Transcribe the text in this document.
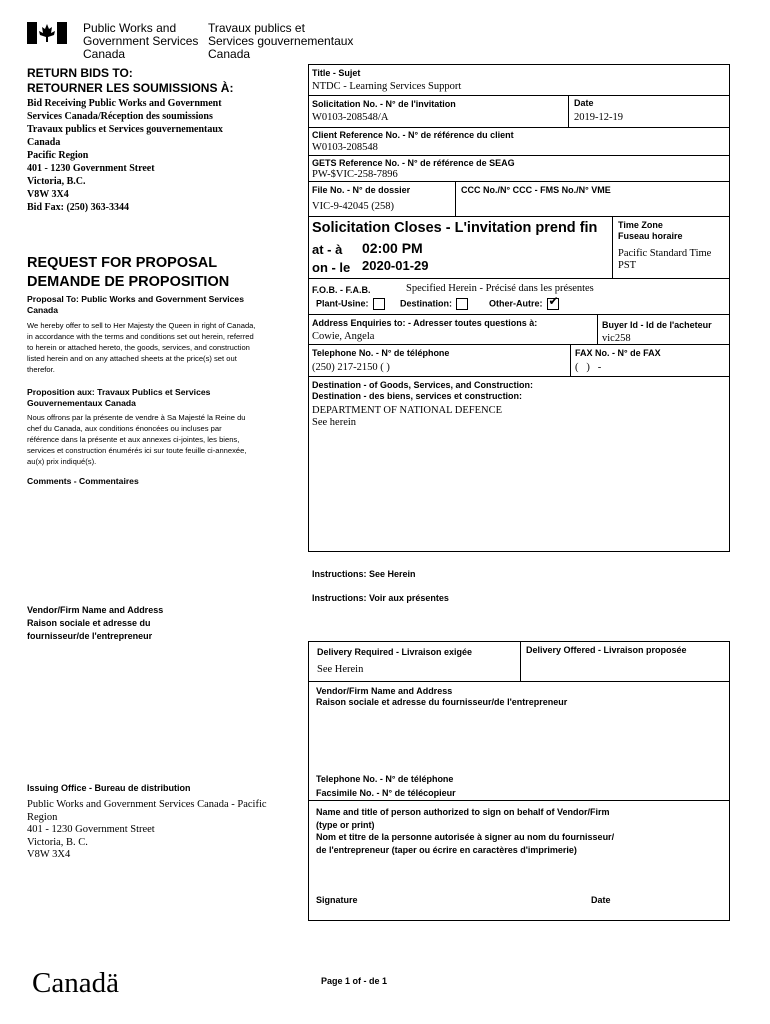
Public Works and
Government Services
Canada
Travaux publics et
Services gouvernementaux
Canada
RETURN BIDS TO:
RETOURNER LES SOUMISSIONS À:
Bid Receiving Public Works and Government
Services Canada/Réception des soumissions
Travaux publics et Services gouvernementaux
Canada
Pacific Region
401 - 1230 Government Street
Victoria, B.C.
V8W 3X4
Bid Fax: (250) 363-3344
REQUEST FOR PROPOSAL
DEMANDE DE PROPOSITION
Proposal To: Public Works and Government Services Canada
We hereby offer to sell to Her Majesty the Queen in right of Canada, in accordance with the terms and conditions set out herein, referred to herein or attached hereto, the goods, services, and construction listed herein and on any attached sheets at the price(s) set out therefor.
Proposition aux: Travaux Publics et Services Gouvernementaux Canada
Nous offrons par la présente de vendre à Sa Majesté la Reine du chef du Canada, aux conditions énoncées ou incluses par référence dans la présente et aux annexes ci-jointes, les biens, services et construction énumérés ici sur toute feuille ci-annexée, au(x) prix indiqué(s).
Comments - Commentaires
Vendor/Firm Name and Address
Raison sociale et adresse du
fournisseur/de l'entrepreneur
Issuing Office - Bureau de distribution
Public Works and Government Services Canada - Pacific
Region
401 - 1230 Government Street
Victoria, B. C.
V8W 3X4
Title - Sujet
NTDC - Learning Services Support
Solicitation No. - N° de l'invitation
W0103-208548/A
Date
2019-12-19
Client Reference No. - N° de référence du client
W0103-208548
GETS Reference No. - N° de référence de SEAG
PW-$VIC-258-7896
File No. - N° de dossier
VIC-9-42045 (258)
CCC No./N° CCC - FMS No./N° VME
Solicitation Closes - L'invitation prend fin
at - à 02:00 PM
on - le 2020-01-29
Time Zone
Fuseau horaire
Pacific Standard Time
PST
F.O.B. - F.A.B.	Specified Herein - Précisé dans les présentes
Plant-Usine:	Destination:	Other-Autre: ✔
Address Enquiries to: - Adresser toutes questions à:
Cowie, Angela
Buyer Id - Id de l'acheteur
vic258
Telephone No. - N° de téléphone
(250) 217-2150 ( )
FAX No. - N° de FAX
(   )   -
Destination - of Goods, Services, and Construction:
Destination - des biens, services et construction:
DEPARTMENT OF NATIONAL DEFENCE
See herein
Instructions: See Herein
Instructions: Voir aux présentes
Delivery Required - Livraison exigée
See Herein
Delivery Offered - Livraison proposée
Vendor/Firm Name and Address
Raison sociale et adresse du fournisseur/de l'entrepreneur
Telephone No. - N° de téléphone
Facsimile No. - N° de télécopieur
Name and title of person authorized to sign on behalf of Vendor/Firm
(type or print)
Nom et titre de la personne autorisée à signer au nom du fournisseur/
de l'entrepreneur (taper ou écrire en caractères d'imprimerie)
Signature	Date
Canadä	Page 1 of - de 1
